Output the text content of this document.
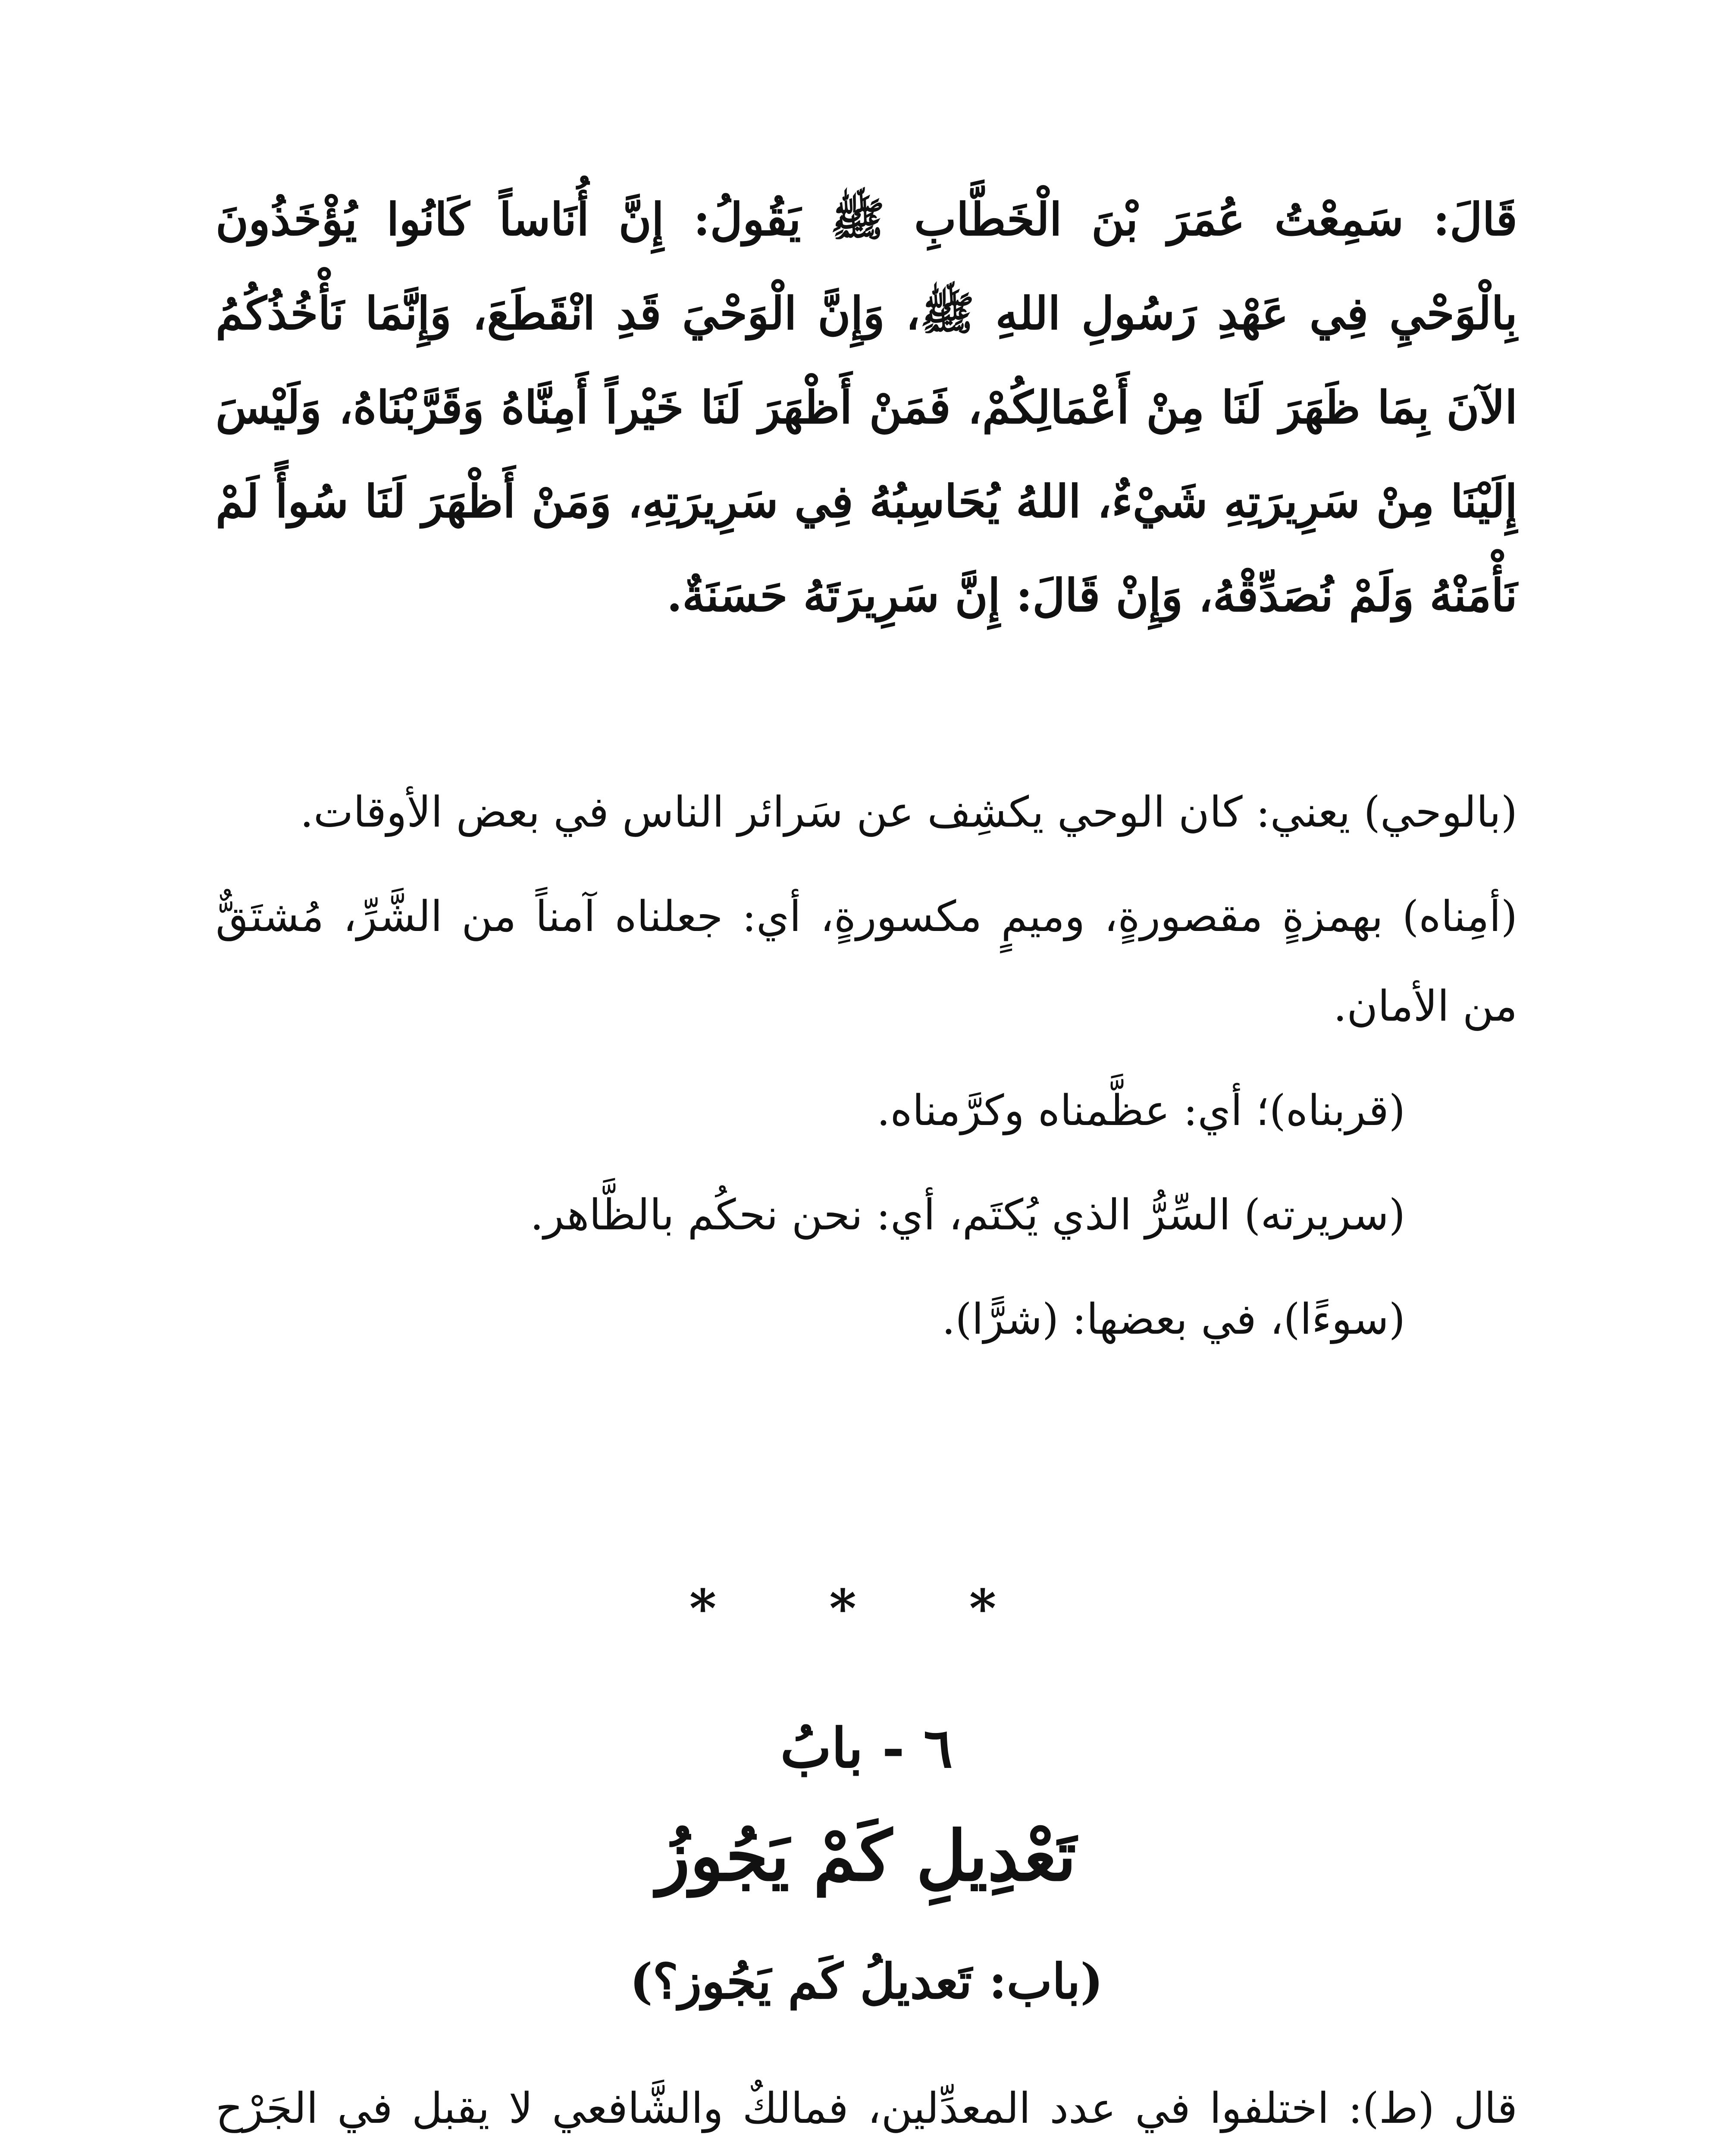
قَالَ: سَمِعْتُ عُمَرَ بْنَ الْخَطَّابِ ﷺ يَقُولُ: إِنَّ أُنَاساً كَانُوا يُؤْخَذُونَ بِالْوَحْيِ فِي عَهْدِ رَسُولِ اللهِ ﷺ، وَإِنَّ الْوَحْيَ قَدِ انْقَطَعَ، وَإِنَّمَا نَأْخُذُكُمُ الآنَ بِمَا ظَهَرَ لَنَا مِنْ أَعْمَالِكُمْ، فَمَنْ أَظْهَرَ لَنَا خَيْراً أَمِنَّاهُ وَقَرَّبْنَاهُ، وَلَيْسَ إِلَيْنَا مِنْ سَرِيرَتِهِ شَيْءٌ، اللهُ يُحَاسِبُهُ فِي سَرِيرَتِهِ، وَمَنْ أَظْهَرَ لَنَا سُوأً لَمْ نَأْمَنْهُ وَلَمْ نُصَدِّقْهُ، وَإِنْ قَالَ: إِنَّ سَرِيرَتَهُ حَسَنَةٌ.

(بالوحي) يعني: كان الوحي يكشِف عن سَرائر الناس في بعض الأوقات.

(أمِناه) بهمزةٍ مقصورةٍ، وميمٍ مكسورةٍ، أي: جعلناه آمناً من الشَّرِّ، مُشتَقٌّ من الأمان.

(قربناه)؛ أي: عظَّمناه وكرَّمناه.

(سريرته) السِّرُّ الذي يُكتَم، أي: نحن نحكُم بالظَّاهر.

(سوءًا)، في بعضها: (شرًّا).

* * *
٦ - بابُ
تَعْدِيلِ كَمْ يَجُوزُ
(باب: تَعديلُ كَم يَجُوز؟)

قال (ط): اختلفوا في عدد المعدِّلين، فمالكٌ والشَّافعي لا يقبل في الجَرْح
